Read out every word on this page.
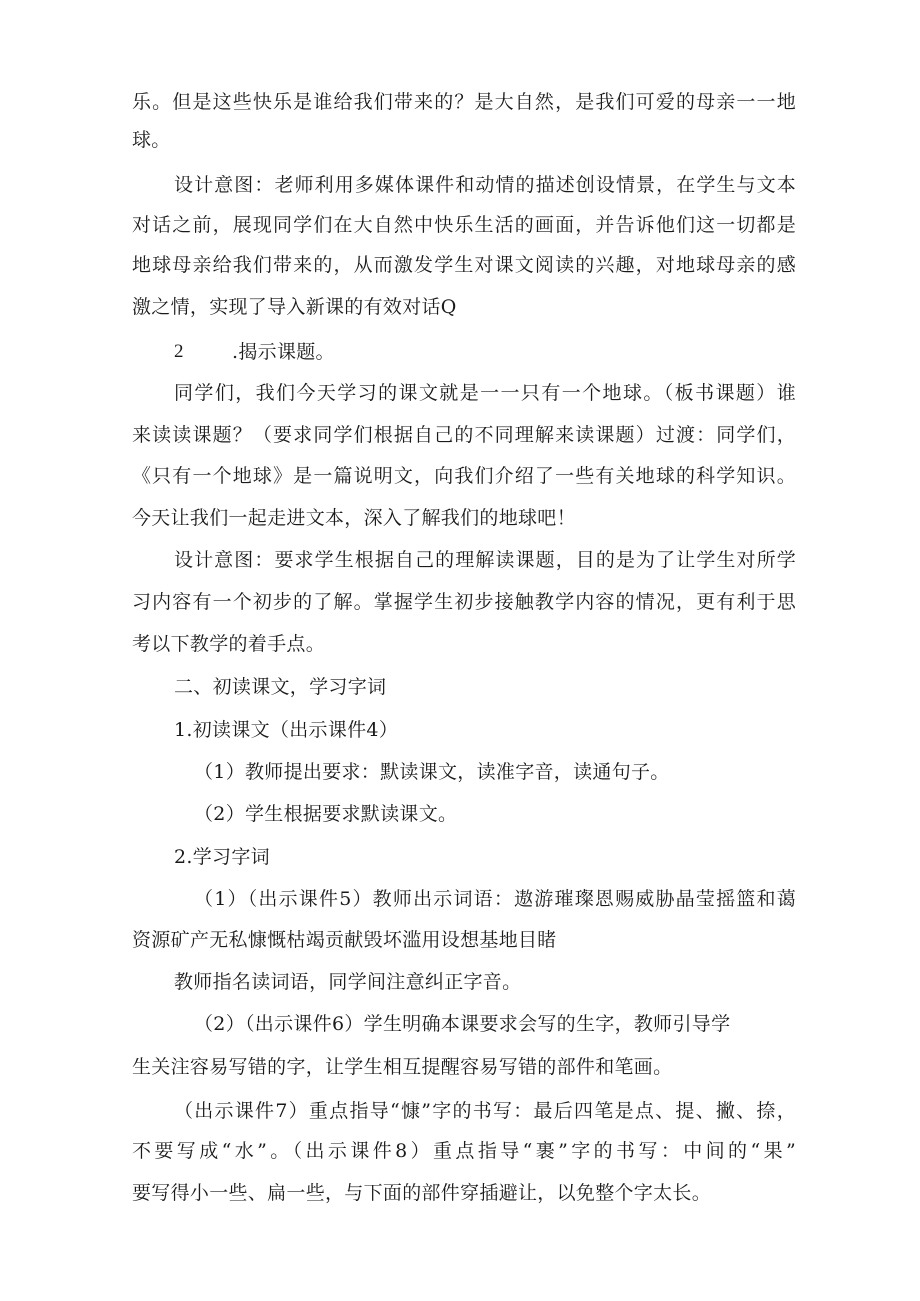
乐。但是这些快乐是谁给我们带来的？是大自然，是我们可爱的母亲一一地
球。
设计意图：老师利用多媒体课件和动情的描述创设情景，在学生与文本
对话之前，展现同学们在大自然中快乐生活的画面，并告诉他们这一切都是
地球母亲给我们带来的，从而激发学生对课文阅读的兴趣，对地球母亲的感
激之情，实现了导入新课的有效对话Q
2	.揭示课题。
同学们，我们今天学习的课文就是一一只有一个地球。（板书课题）谁
来读读课题？（要求同学们根据自己的不同理解来读课题）过渡：同学们，
《只有一个地球》是一篇说明文，向我们介绍了一些有关地球的科学知识。
今天让我们一起走进文本，深入了解我们的地球吧！
设计意图：要求学生根据自己的理解读课题，目的是为了让学生对所学
习内容有一个初步的了解。掌握学生初步接触教学内容的情况，更有利于思
考以下教学的着手点。
二、初读课文，学习字词
1.初读课文（出示课件4）
（1）教师提出要求：默读课文，读准字音，读通句子。
（2）学生根据要求默读课文。
2.学习字词
（1）（出示课件5）教师出示词语：遨游璀璨恩赐威胁晶莹摇篮和蔼
资源矿产无私慷慨枯竭贡献毁坏滥用设想基地目睹
教师指名读词语，同学间注意纠正字音。
（2）（出示课件6）学生明确本课要求会写的生字，教师引导学
生关注容易写错的字，让学生相互提醒容易写错的部件和笔画。
（出示课件7）重点指导“慷”字的书写：最后四笔是点、提、撇、捺，
不要写成“水”。（出示课件8）重点指导“裹”字的书写：中间的“果”
要写得小一些、扁一些，与下面的部件穿插避让，以免整个字太长。
